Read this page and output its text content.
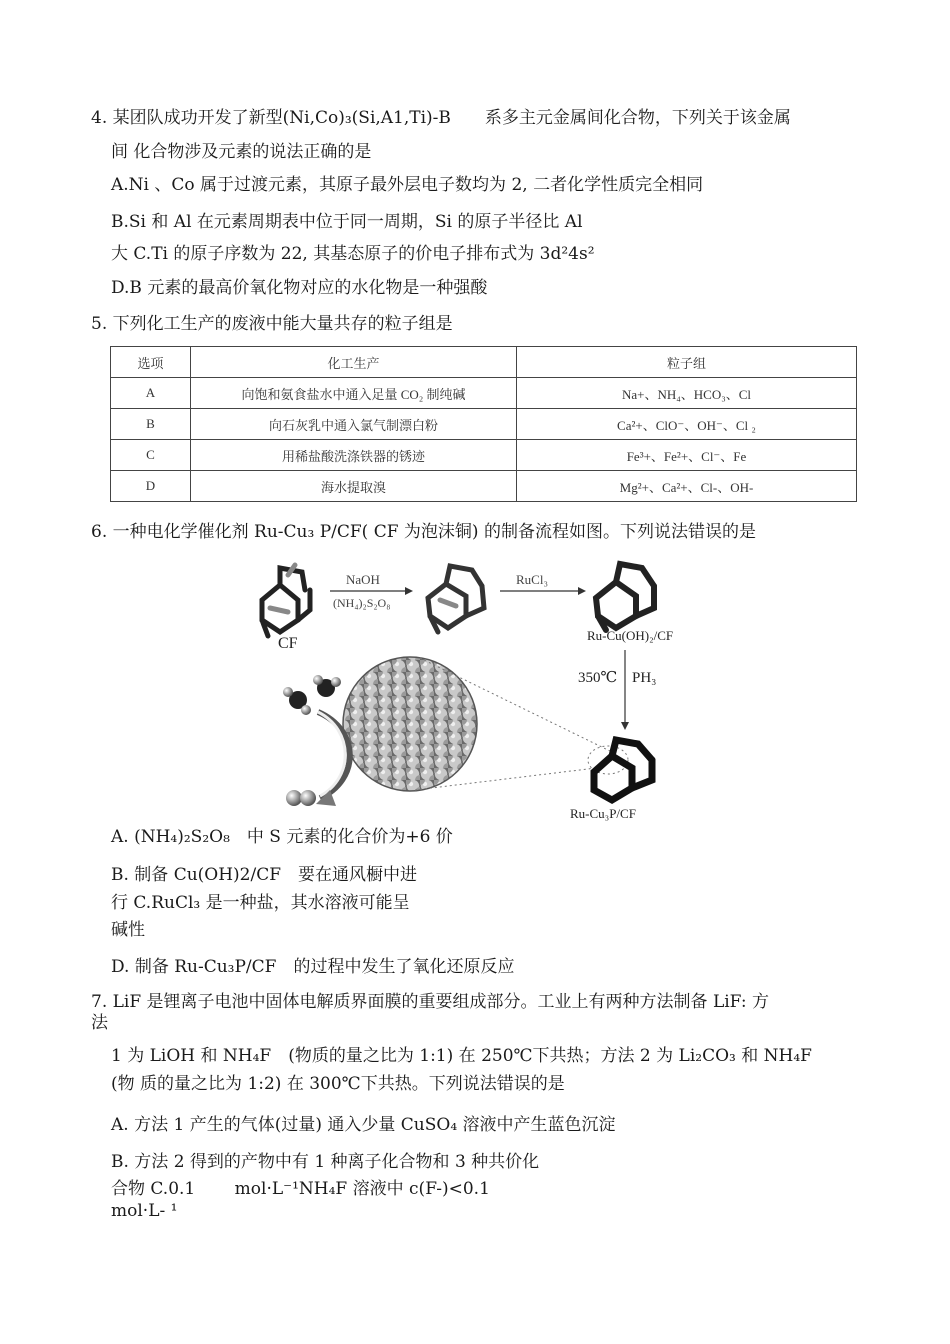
4. 某团队成功开发了新型(Ni,Co)₃(Si,A1,Ti)-B　　系多主元金属间化合物，下列关于该金属
间 化合物涉及元素的说法正确的是
A.Ni 、Co 属于过渡元素，其原子最外层电子数均为 2, 二者化学性质完全相同
B.Si 和 Al 在元素周期表中位于同一周期，Si 的原子半径比 Al
大 C.Ti 的原子序数为 22, 其基态原子的价电子排布式为 3d²4s²
D.B 元素的最高价氧化物对应的水化物是一种强酸
5. 下列化工生产的废液中能大量共存的粒子组是
选项	化工生产	粒子组
A	向饱和氨食盐水中通入足量 CO₂ 制纯碱	Na+、NH₄、HCO₃、Cl
B	向石灰乳中通入氯气制漂白粉	Ca²+、ClO⁻、OH⁻、Cl ₂
C	用稀盐酸洗涤铁器的锈迹	Fe³+、Fe²+、Cl⁻、Fe
D	海水提取溴	Mg²+、Ca²+、Cl-、OH-
6. 一种电化学催化剂 Ru-Cu₃ P/CF( CF 为泡沫铜) 的制备流程如图。下列说法错误的是
CF
NaOH
(NH₄)₂S₂O₈
RuCl₃
Ru-Cu(OH)₂/CF
350℃ PH₃
Ru-Cu₃P/CF
A. (NH₄)₂S₂O₈　中 S 元素的化合价为+6 价
B. 制备 Cu(OH)2/CF　要在通风橱中进
行 C.RuCl₃ 是一种盐，其水溶液可能呈
碱性
D. 制备 Ru-Cu₃P/CF　的过程中发生了氧化还原反应
7. LiF 是锂离子电池中固体电解质界面膜的重要组成部分。工业上有两种方法制备 LiF: 方
法
1 为 LiOH 和 NH₄F　(物质的量之比为 1:1) 在 250℃下共热；方法 2 为 Li₂CO₃ 和 NH₄F
(物 质的量之比为 1:2) 在 300℃下共热。下列说法错误的是
A. 方法 1 产生的气体(过量) 通入少量 CuSO₄ 溶液中产生蓝色沉淀
B. 方法 2 得到的产物中有 1 种离子化合物和 3 种共价化
合物 C.0.1　　 mol·L⁻¹NH₄F 溶液中 c(F-)<0.1
mol·L- ¹
